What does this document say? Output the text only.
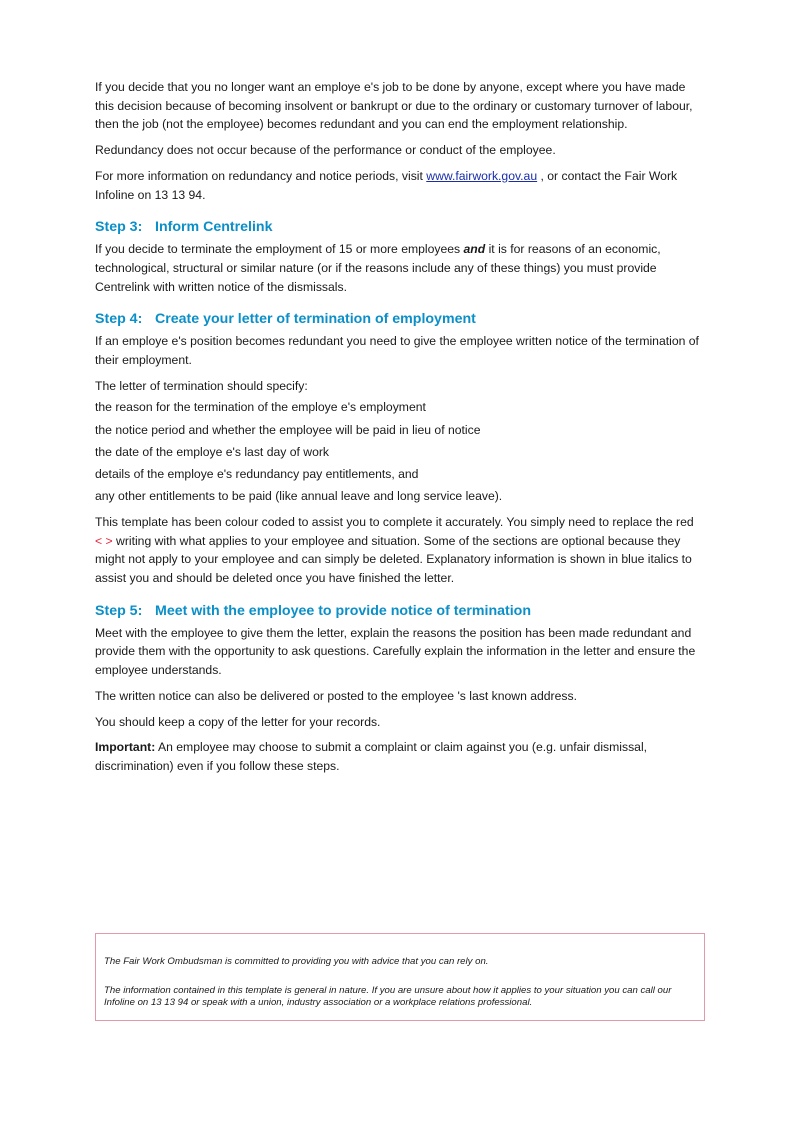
If you decide that you no longer want an employe e's job to be done by anyone, except where you have made this decision because of becoming insolvent or bankrupt or due to the ordinary or customary turnover of labour, then the job (not the employee) becomes redundant and you can end the employment relationship.

Redundancy does not occur because of the performance or conduct of the employee.

For more information on redundancy and notice periods, visit www.fairwork.gov.au , or contact the Fair Work Infoline on 13 13 94.

Step 3: Inform Centrelink

If you decide to terminate the employment of 15 or more employees and it is for reasons of an economic, technological, structural or similar nature (or if the reasons include any of these things) you must provide Centrelink with written notice of the dismissals.

Step 4: Create your letter of termination of employment

If an employe e's position becomes redundant you need to give the employee written notice of the termination of their employment.

The letter of termination should specify:

the reason for the termination of the employe e's employment

the notice period and whether the employee will be paid in lieu of notice

the date of the employe e's last day of work

details of the employe e's redundancy pay entitlements, and

any other entitlements to be paid (like annual leave and long service leave).

This template has been colour coded to assist you to complete it accurately. You simply need to replace the red < > writing with what applies to your employee and situation. Some of the sections are optional because they might not apply to your employee and can simply be deleted. Explanatory information is shown in blue italics to assist you and should be deleted once you have finished the letter.

Step 5: Meet with the employee to provide notice of termination

Meet with the employee to give them the letter, explain the reasons the position has been made redundant and provide them with the opportunity to ask questions. Carefully explain the information in the letter and ensure the employee understands.

The written notice can also be delivered or posted to the employee 's last known address.

You should keep a copy of the letter for your records.

Important: An employee may choose to submit a complaint or claim against you (e.g. unfair dismissal, discrimination) even if you follow these steps.

The Fair Work Ombudsman is committed to providing you with advice that you can rely on.

The information contained in this template is general in nature. If you are unsure about how it applies to your situation you can call our Infoline on 13 13 94 or speak with a union, industry association or a workplace relations professional.
